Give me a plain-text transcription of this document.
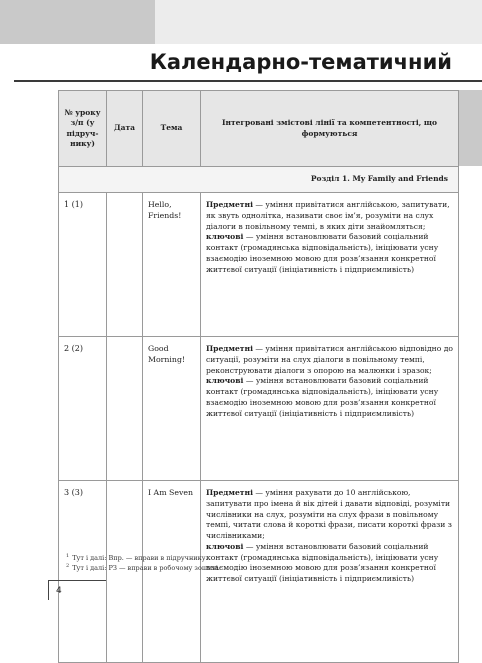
Календарно-тематичний
№ уроку з/п (у підруч- нику)	Дата	Тема	Інтегровані змістові лінії та компетентності, що формуються
Розділ 1. My Family and Friends			
1 (1)		Hello, Friends!	Предметні — уміння привітатися англійською, запитувати, як звуть однолітка, називати своє ім’я, розуміти на слух діалоги в повільному темпі, в яких діти знайомляться;
ключові — уміння встановлювати базовий соціальний контакт (громадянська відповідальність), ініціювати усну взаємодію іноземною мовою для розв’язання конкретної життєвої ситуації (ініціативність і підприємливість)
2 (2)		Good Morning!	Предметні — уміння привітатися англійською відповідно до ситуації, розуміти на слух діалоги в повільному темпі, реконструювати діалоги з опорою на малюнки і зразок;
ключові — уміння встановлювати базовий соціальний контакт (громадянська відповідальність), ініціювати усну взаємодію іноземною мовою для розв’язання конкретної життєвої ситуації (ініціативність і підприємливість)
3 (3)		I Am Seven	Предметні — уміння рахувати до 10 англійською, запитувати про імена й вік дітей і давати відповіді, розуміти числівники на слух, розуміти на слух фрази в повільному темпі, читати слова й короткі фрази, писати короткі фрази з числівниками;
ключові — уміння встановлювати базовий соціальний контакт (громадянська відповідальність), ініціювати усну взаємодію іноземною мовою для розв’язання конкретної життєвої ситуації (ініціативність і підприємливість)
$^1$ Тут і далі: Впр. — вправи в підручнику.
$^2$ Тут і далі: РЗ — вправи в робочому зошиті.
4
